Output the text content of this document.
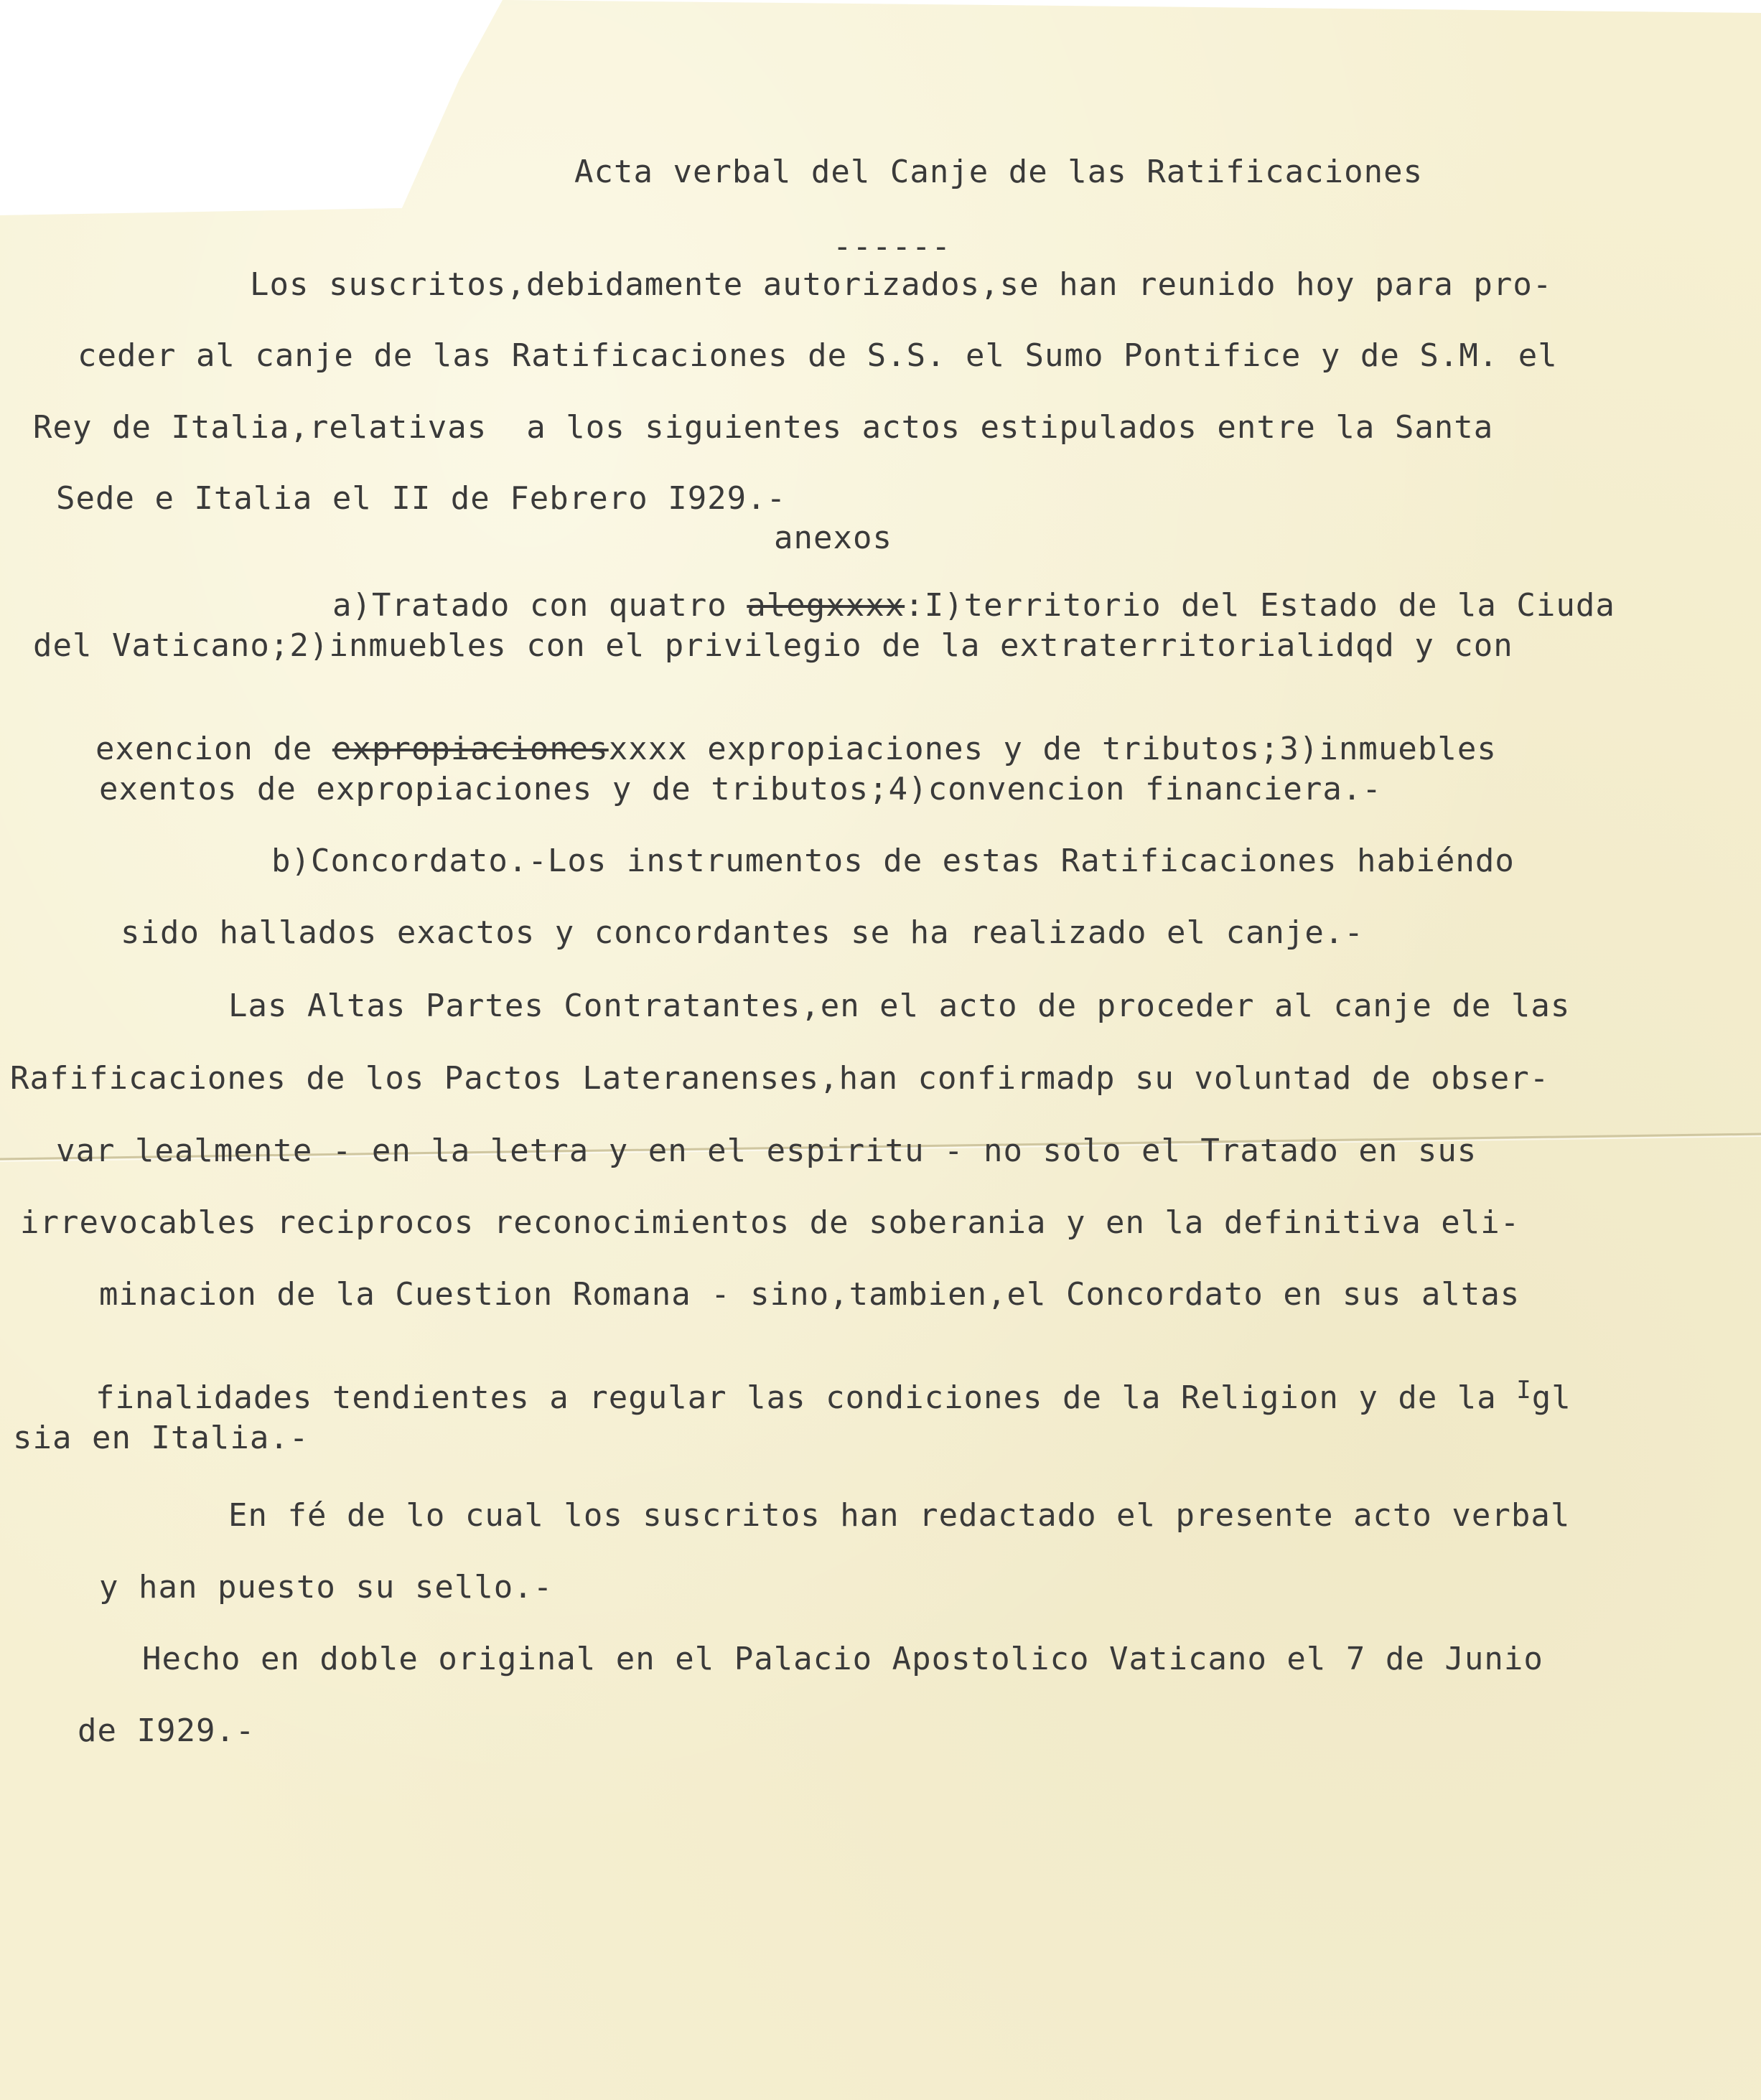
Acta verbal del Canje de las Ratificaciones
------
Los suscritos,debidamente autorizados,se han reunido hoy para pro-
ceder al canje de las Ratificaciones de S.S. el Sumo Pontifice y de S.M. el
Rey de Italia,relativas  a los siguientes actos estipulados entre la Santa
Sede e Italia el II de Febrero I929.-
anexos

a)Tratado con quatro alegxxxx:I)territorio del Estado de la Ciuda

del Vaticano;2)inmuebles con el privilegio de la extraterritorialidqd y con

exencion de expropiacionesxxxx expropiaciones y de tributos;3)inmuebles

exentos de expropiaciones y de tributos;4)convencion financiera.-
b)Concordato.-Los instrumentos de estas Ratificaciones habiéndo
sido hallados exactos y concordantes se ha realizado el canje.-
Las Altas Partes Contratantes,en el acto de proceder al canje de las
Rafificaciones de los Pactos Lateranenses,han confirmadp su voluntad de obser-
var lealmente - en la letra y en el espiritu - no solo el Tratado en sus
irrevocables reciprocos reconocimientos de soberania y en la definitiva eli-
minacion de la Cuestion Romana - sino,tambien,el Concordato en sus altas

finalidades tendientes a regular las condiciones de la Religion y de la $^I$gl

sia en Italia.-
En fé de lo cual los suscritos han redactado el presente acto verbal
y han puesto su sello.-
Hecho en doble original en el Palacio Apostolico Vaticano el 7 de Junio
de I929.-
